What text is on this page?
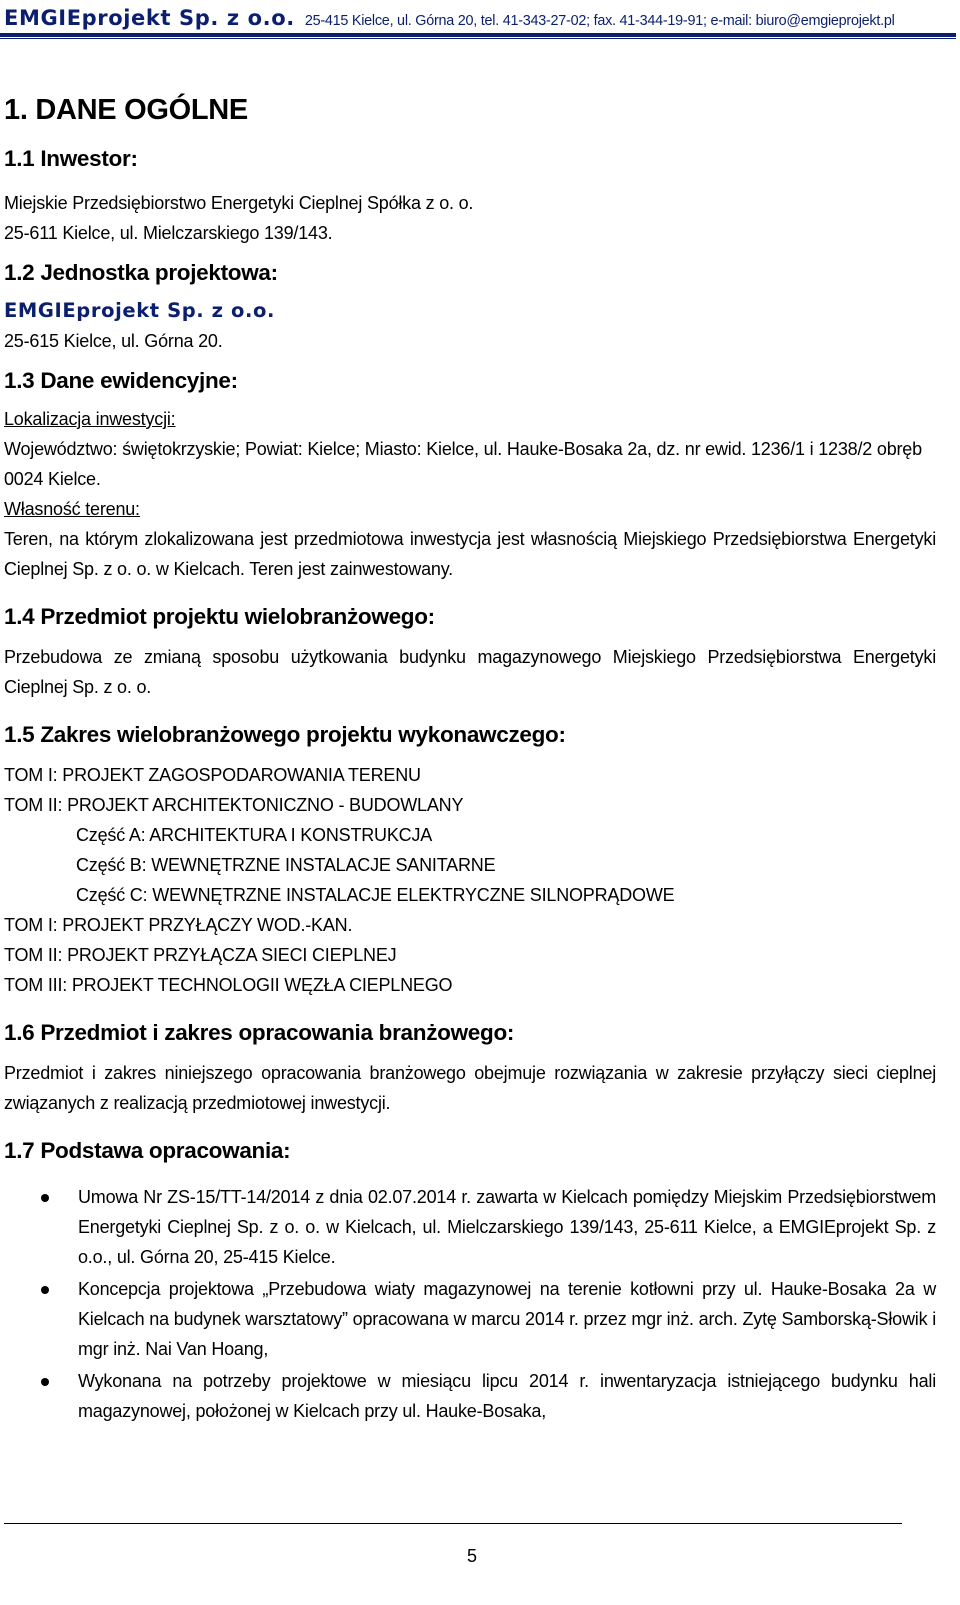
EMGIEprojekt Sp. z o.o. 25-415 Kielce, ul. Górna 20, tel. 41-343-27-02; fax. 41-344-19-91; e-mail: biuro@emgieprojekt.pl
1. DANE OGÓLNE
1.1 Inwestor:

Miejskie Przedsiębiorstwo Energetyki Cieplnej Spółka z o. o.

25-611 Kielce, ul. Mielczarskiego 139/143.

1.2 Jednostka projektowa:
EMGIEprojekt Sp. z o.o.

25-615 Kielce, ul. Górna 20.

1.3 Dane ewidencyjne:

Lokalizacja inwestycji:

Województwo: świętokrzyskie; Powiat: Kielce; Miasto: Kielce, ul. Hauke-Bosaka 2a, dz. nr ewid. 1236/1 i 1238/2 obręb 0024 Kielce.

Własność terenu:

Teren, na którym zlokalizowana jest przedmiotowa inwestycja jest własnością Miejskiego Przedsiębiorstwa Energetyki Cieplnej Sp. z o. o. w Kielcach. Teren jest zainwestowany.

1.4 Przedmiot projektu wielobranżowego:

Przebudowa ze zmianą sposobu użytkowania budynku magazynowego Miejskiego Przedsiębiorstwa Energetyki Cieplnej Sp. z o. o.

1.5 Zakres wielobranżowego projektu wykonawczego:

TOM I: PROJEKT ZAGOSPODAROWANIA TERENU

TOM II: PROJEKT ARCHITEKTONICZNO - BUDOWLANY

Część A: ARCHITEKTURA I KONSTRUKCJA

Część B: WEWNĘTRZNE INSTALACJE SANITARNE

Część C: WEWNĘTRZNE INSTALACJE ELEKTRYCZNE SILNOPRĄDOWE

TOM I: PROJEKT PRZYŁĄCZY WOD.-KAN.

TOM II: PROJEKT PRZYŁĄCZA SIECI CIEPLNEJ

TOM III: PROJEKT TECHNOLOGII WĘZŁA CIEPLNEGO

1.6 Przedmiot i zakres opracowania branżowego:

Przedmiot i zakres niniejszego opracowania branżowego obejmuje rozwiązania w zakresie przyłączy sieci cieplnej związanych z realizacją przedmiotowej inwestycji.

1.7 Podstawa opracowania:
Umowa Nr ZS-15/TT-14/2014 z dnia 02.07.2014 r. zawarta w Kielcach pomiędzy Miejskim Przedsiębiorstwem Energetyki Cieplnej Sp. z o. o. w Kielcach, ul. Mielczarskiego 139/143, 25-611 Kielce, a EMGIEprojekt Sp. z o.o., ul. Górna 20, 25-415 Kielce.
Koncepcja projektowa „Przebudowa wiaty magazynowej na terenie kotłowni przy ul. Hauke-Bosaka 2a w Kielcach na budynek warsztatowy” opracowana w marcu 2014 r. przez mgr inż. arch. Zytę Samborską-Słowik i mgr inż. Nai Van Hoang,
Wykonana na potrzeby projektowe w miesiącu lipcu 2014 r. inwentaryzacja istniejącego budynku hali magazynowej, położonej w Kielcach przy ul. Hauke-Bosaka,
5
